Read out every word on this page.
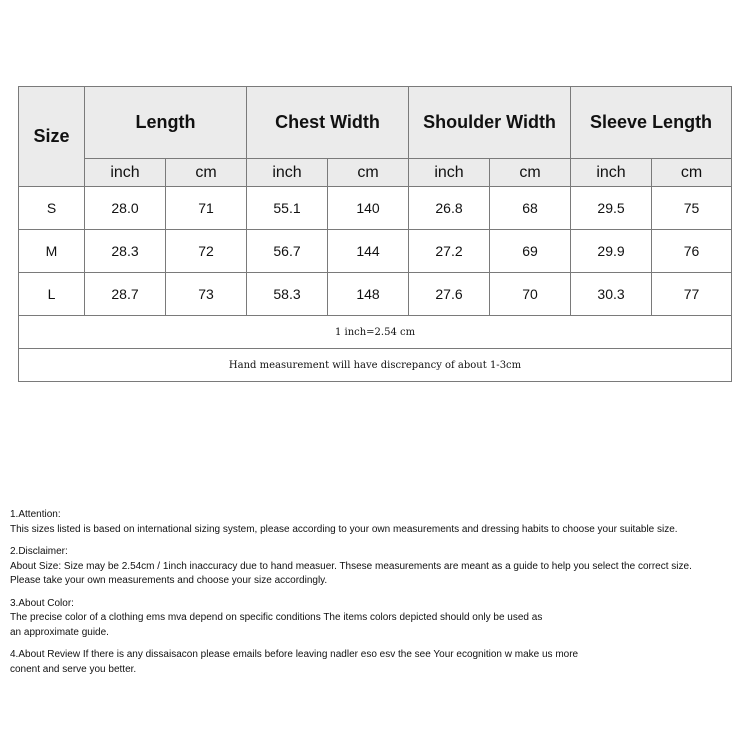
Size	Length		Chest Width		Shoulder Width		Sleeve Length	
	inch	cm	inch	cm	inch	cm	inch	cm
S	28.0	71	55.1	140	26.8	68	29.5	75
M	28.3	72	56.7	144	27.2	69	29.9	76
L	28.7	73	58.3	148	27.6	70	30.3	77
1 inch=2.54 cm								
Hand measurement will have discrepancy of about 1-3cm								
1.Attention:
This sizes listed is based on international sizing system, please according to your own measurements and dressing habits to choose your suitable size.
2.Disclaimer:
About Size: Size may be 2.54cm / 1inch inaccuracy due to hand measuer. Thsese measurements are meant as a guide to help you select the correct size.
Please take your own measurements and choose your size accordingly.
3.About Color:
The precise color of a clothing ems mva depend on specific conditions The items colors depicted should only be used as
an approximate guide.
4.About Review If there is any dissaisacon please emails before leaving nadler eso esv the see Your ecognition w make us more
conent and serve you better.
